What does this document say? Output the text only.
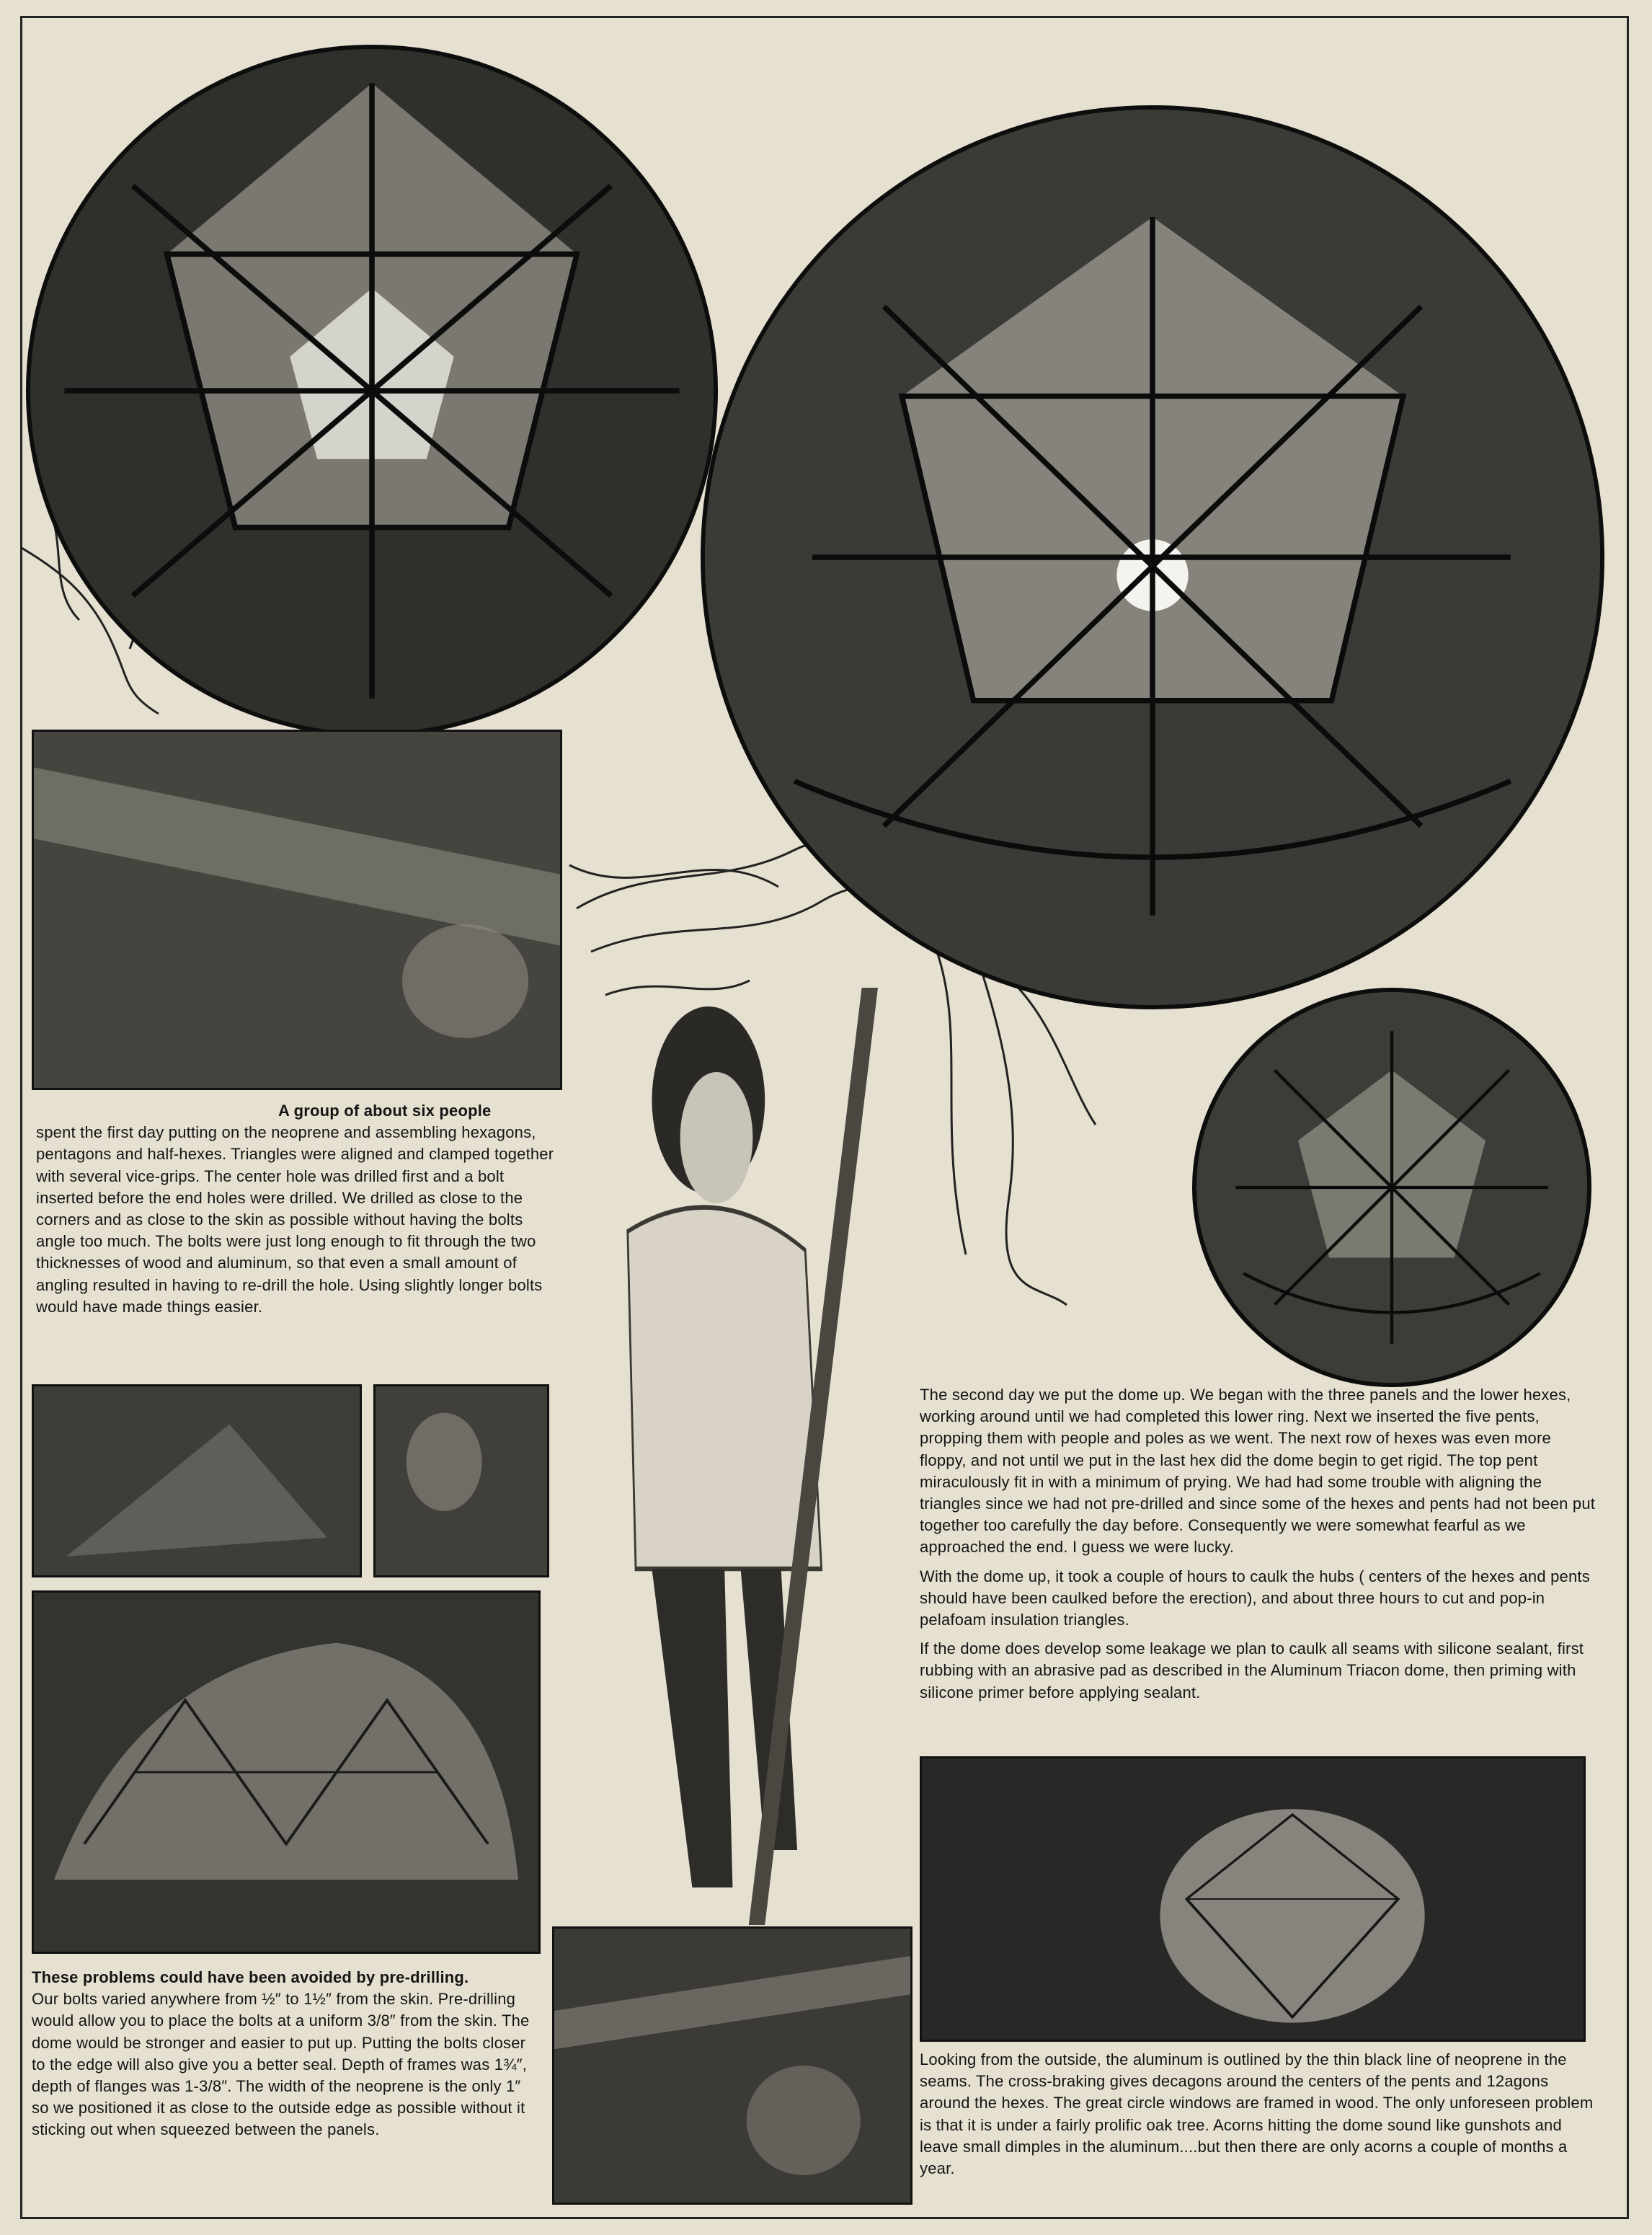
A group of about six people
spent the first day putting on the neoprene and assembling hexagons, pentagons and half-hexes. Triangles were aligned and clamped together with several vice-grips. The center hole was drilled first and a bolt inserted before the end holes were drilled. We drilled as close to the corners and as close to the skin as possible without having the bolts angle too much. The bolts were just long enough to fit through the two thicknesses of wood and aluminum, so that even a small amount of angling resulted in having to re-drill the hole. Using slightly longer bolts would have made things easier.

The second day we put the dome up. We began with the three panels and the lower hexes, working around until we had completed this lower ring. Next we inserted the five pents, propping them with people and poles as we went. The next row of hexes was even more floppy, and not until we put in the last hex did the dome begin to get rigid. The top pent miraculously fit in with a minimum of prying. We had had some trouble with aligning the triangles since we had not pre-drilled and since some of the hexes and pents had not been put together too carefully the day before. Consequently we were somewhat fearful as we approached the end. I guess we were lucky.

With the dome up, it took a couple of hours to caulk the hubs ( centers of the hexes and pents should have been caulked before the erection), and about three hours to cut and pop-in pelafoam insulation triangles.

If the dome does develop some leakage we plan to caulk all seams with silicone sealant, first rubbing with an abrasive pad as described in the Aluminum Triacon dome, then priming with silicone primer before applying sealant.

These problems could have been avoided by pre-drilling.
Our bolts varied anywhere from ½″ to 1½″ from the skin. Pre-drilling would allow you to place the bolts at a uniform 3/8″ from the skin. The dome would be stronger and easier to put up. Putting the bolts closer to the edge will also give you a better seal. Depth of frames was 1¾″, depth of flanges was 1-3/8″. The width of the neoprene is the only 1″ so we positioned it as close to the outside edge as possible without it sticking out when squeezed between the panels.

Looking from the outside, the aluminum is outlined by the thin black line of neoprene in the seams. The cross-braking gives decagons around the centers of the pents and 12agons around the hexes. The great circle windows are framed in wood. The only unforeseen problem is that it is under a fairly prolific oak tree. Acorns hitting the dome sound like gunshots and leave small dimples in the aluminum....but then there are only acorns a couple of months a year.
